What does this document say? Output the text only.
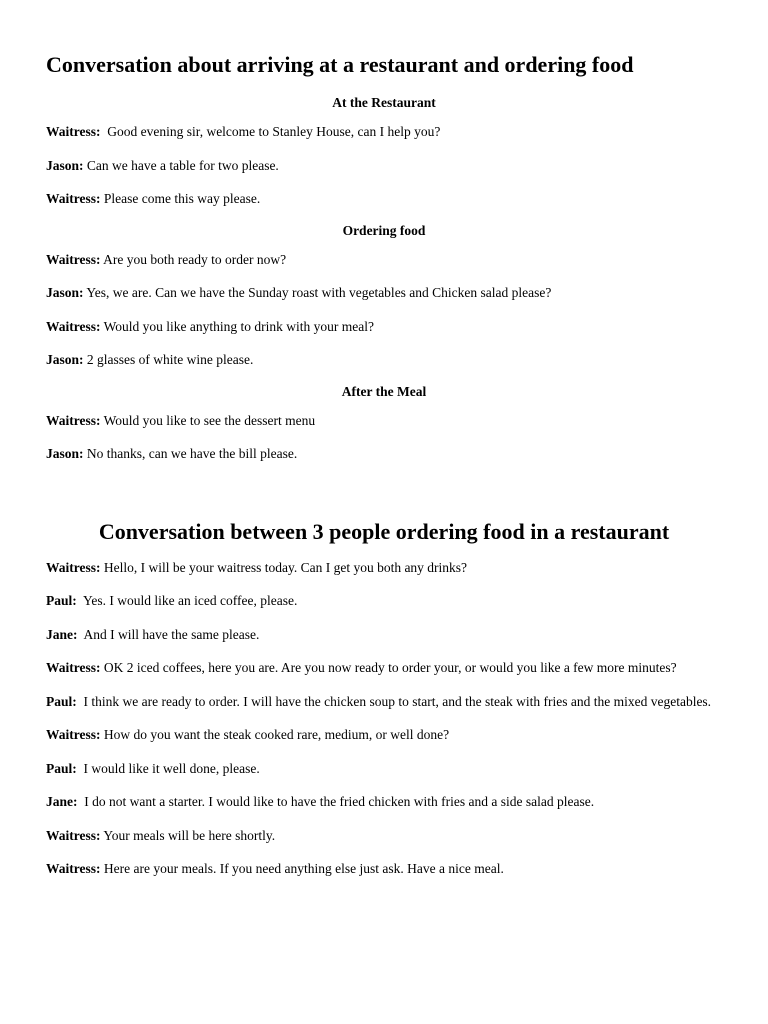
Conversation about arriving at a restaurant and ordering food
At the Restaurant

Waitress:  Good evening sir, welcome to Stanley House, can I help you?

Jason: Can we have a table for two please.

Waitress: Please come this way please.

Ordering food

Waitress: Are you both ready to order now?

Jason: Yes, we are. Can we have the Sunday roast with vegetables and Chicken salad please?

Waitress: Would you like anything to drink with your meal?

Jason: 2 glasses of white wine please.

After the Meal

Waitress: Would you like to see the dessert menu

Jason: No thanks, can we have the bill please.

Conversation between 3 people ordering food in a restaurant

Waitress: Hello, I will be your waitress today. Can I get you both any drinks?

Paul:  Yes. I would like an iced coffee, please.

Jane:  And I will have the same please.

Waitress: OK 2 iced coffees, here you are. Are you now ready to order your, or would you like a few more minutes?

Paul:  I think we are ready to order. I will have the chicken soup to start, and the steak with fries and the mixed vegetables.

Waitress: How do you want the steak cooked rare, medium, or well done?

Paul:  I would like it well done, please.

Jane:  I do not want a starter. I would like to have the fried chicken with fries and a side salad please.

Waitress: Your meals will be here shortly.

Waitress: Here are your meals. If you need anything else just ask. Have a nice meal.
